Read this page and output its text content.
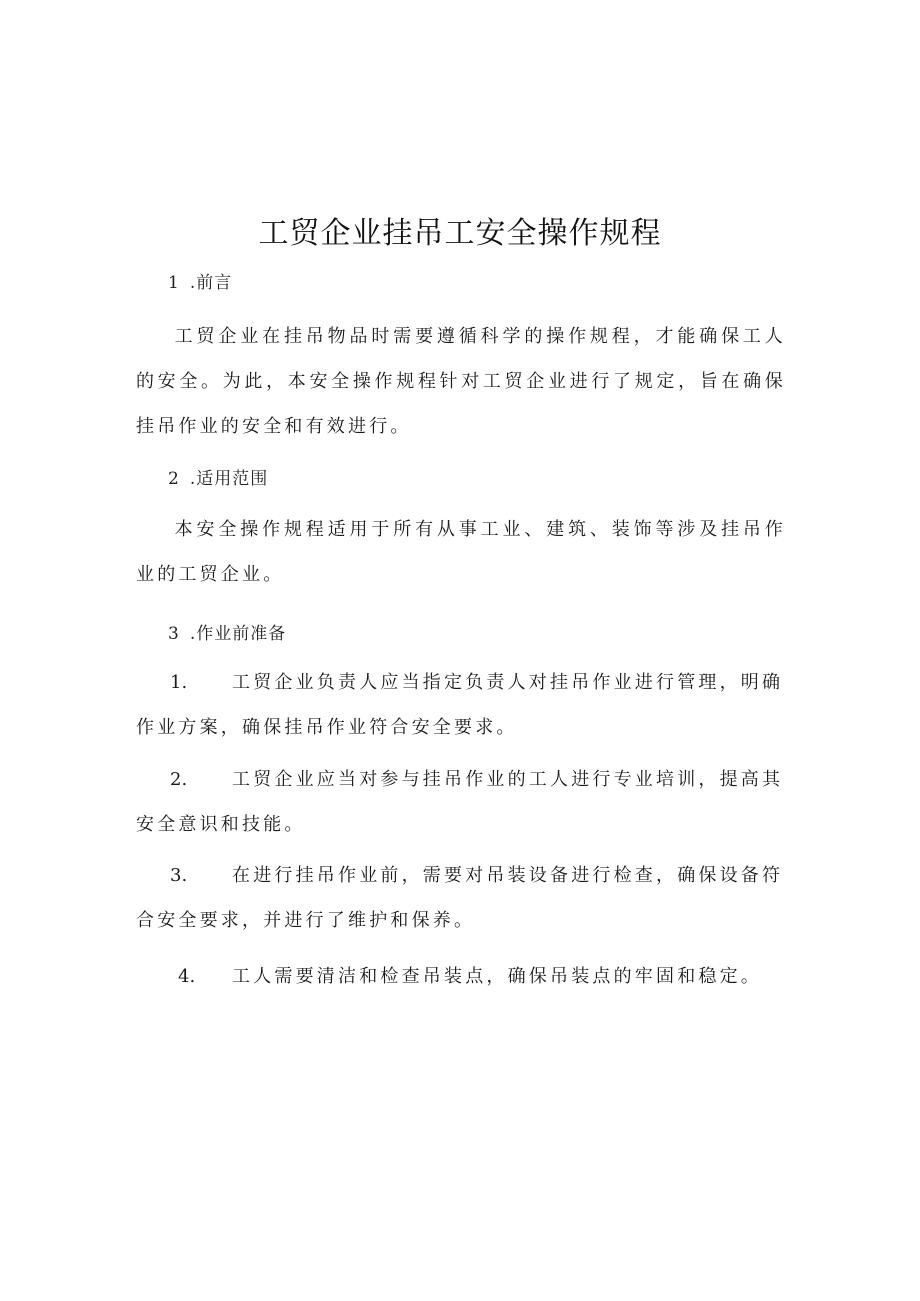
工贸企业挂吊工安全操作规程
1 .前言
工贸企业在挂吊物品时需要遵循科学的操作规程，才能确保工人的安全。为此，本安全操作规程针对工贸企业进行了规定，旨在确保挂吊作业的安全和有效进行。
2 .适用范围
本安全操作规程适用于所有从事工业、建筑、装饰等涉及挂吊作业的工贸企业。
3 .作业前准备
1. 工贸企业负责人应当指定负责人对挂吊作业进行管理，明确作业方案，确保挂吊作业符合安全要求。
2. 工贸企业应当对参与挂吊作业的工人进行专业培训，提高其安全意识和技能。
3. 在进行挂吊作业前，需要对吊装设备进行检查，确保设备符合安全要求，并进行了维护和保养。
4. 工人需要清洁和检查吊装点，确保吊装点的牢固和稳定。
